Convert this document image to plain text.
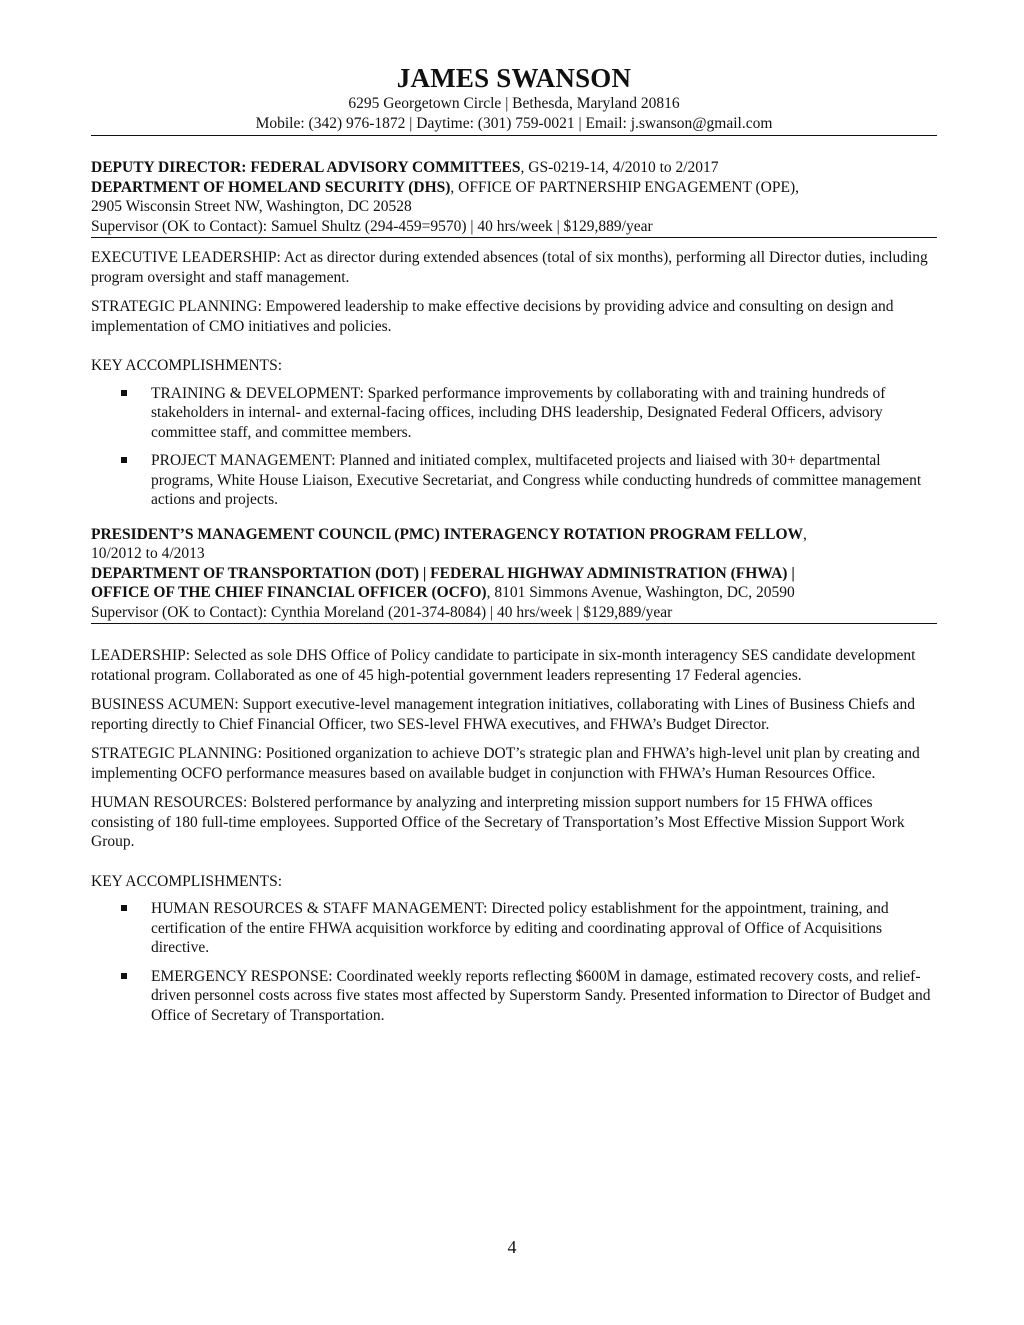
JAMES SWANSON

6295 Georgetown Circle | Bethesda, Maryland 20816

Mobile: (342) 976-1872 | Daytime: (301) 759-0021 | Email: j.swanson@gmail.com

DEPUTY DIRECTOR: FEDERAL ADVISORY COMMITTEES, GS-0219-14, 4/2010 to 2/2017

DEPARTMENT OF HOMELAND SECURITY (DHS), OFFICE OF PARTNERSHIP ENGAGEMENT (OPE),

2905 Wisconsin Street NW, Washington, DC 20528

Supervisor (OK to Contact): Samuel Shultz (294-459=9570) | 40 hrs/week | $129,889/year

EXECUTIVE LEADERSHIP: Act as director during extended absences (total of six months), performing all Director duties, including program oversight and staff management.

STRATEGIC PLANNING: Empowered leadership to make effective decisions by providing advice and consulting on design and implementation of CMO initiatives and policies.

KEY ACCOMPLISHMENTS:

TRAINING & DEVELOPMENT: Sparked performance improvements by collaborating with and training hundreds of stakeholders in internal- and external-facing offices, including DHS leadership, Designated Federal Officers, advisory committee staff, and committee members.
PROJECT MANAGEMENT: Planned and initiated complex, multifaceted projects and liaised with 30+ departmental programs, White House Liaison, Executive Secretariat, and Congress while conducting hundreds of committee management actions and projects.

PRESIDENT’S MANAGEMENT COUNCIL (PMC) INTERAGENCY ROTATION PROGRAM FELLOW,

10/2012 to 4/2013

DEPARTMENT OF TRANSPORTATION (DOT) | FEDERAL HIGHWAY ADMINISTRATION (FHWA) |

OFFICE OF THE CHIEF FINANCIAL OFFICER (OCFO), 8101 Simmons Avenue, Washington, DC, 20590

Supervisor (OK to Contact): Cynthia Moreland (201-374-8084) | 40 hrs/week | $129,889/year

LEADERSHIP: Selected as sole DHS Office of Policy candidate to participate in six-month interagency SES candidate development rotational program. Collaborated as one of 45 high-potential government leaders representing 17 Federal agencies.

BUSINESS ACUMEN: Support executive-level management integration initiatives, collaborating with Lines of Business Chiefs and reporting directly to Chief Financial Officer, two SES-level FHWA executives, and FHWA’s Budget Director.

STRATEGIC PLANNING: Positioned organization to achieve DOT’s strategic plan and FHWA’s high-level unit plan by creating and implementing OCFO performance measures based on available budget in conjunction with FHWA’s Human Resources Office.

HUMAN RESOURCES: Bolstered performance by analyzing and interpreting mission support numbers for 15 FHWA offices consisting of 180 full-time employees. Supported Office of the Secretary of Transportation’s Most Effective Mission Support Work Group.

KEY ACCOMPLISHMENTS:

HUMAN RESOURCES & STAFF MANAGEMENT: Directed policy establishment for the appointment, training, and certification of the entire FHWA acquisition workforce by editing and coordinating approval of Office of Acquisitions directive.
EMERGENCY RESPONSE: Coordinated weekly reports reflecting $600M in damage, estimated recovery costs, and relief-driven personnel costs across five states most affected by Superstorm Sandy. Presented information to Director of Budget and Office of Secretary of Transportation.
4
